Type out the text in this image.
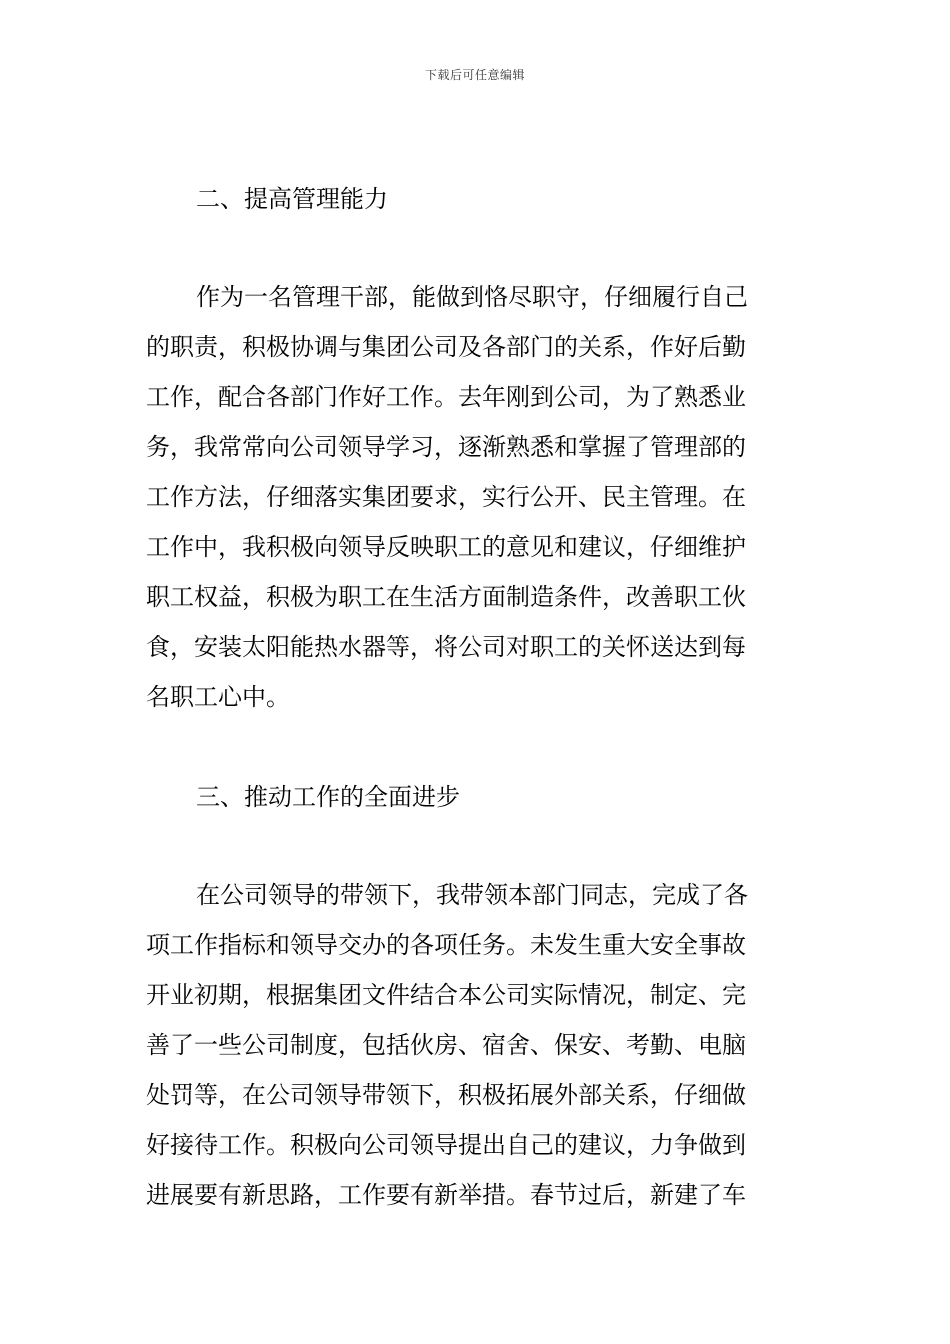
下载后可任意编辑
二、提高管理能力
作为一名管理干部，能做到恪尽职守，仔细履行自己
的职责，积极协调与集团公司及各部门的关系，作好后勤
工作，配合各部门作好工作。去年刚到公司，为了熟悉业
务，我常常向公司领导学习，逐渐熟悉和掌握了管理部的
工作方法，仔细落实集团要求，实行公开、民主管理。在
工作中，我积极向领导反映职工的意见和建议，仔细维护
职工权益，积极为职工在生活方面制造条件，改善职工伙
食，安装太阳能热水器等，将公司对职工的关怀送达到每
名职工心中。
三、推动工作的全面进步
在公司领导的带领下，我带领本部门同志，完成了各
项工作指标和领导交办的各项任务。未发生重大安全事故
开业初期，根据集团文件结合本公司实际情况，制定、完
善了一些公司制度，包括伙房、宿舍、保安、考勤、电脑
处罚等，在公司领导带领下，积极拓展外部关系，仔细做
好接待工作。积极向公司领导提出自己的建议，力争做到
进展要有新思路，工作要有新举措。春节过后，新建了车
